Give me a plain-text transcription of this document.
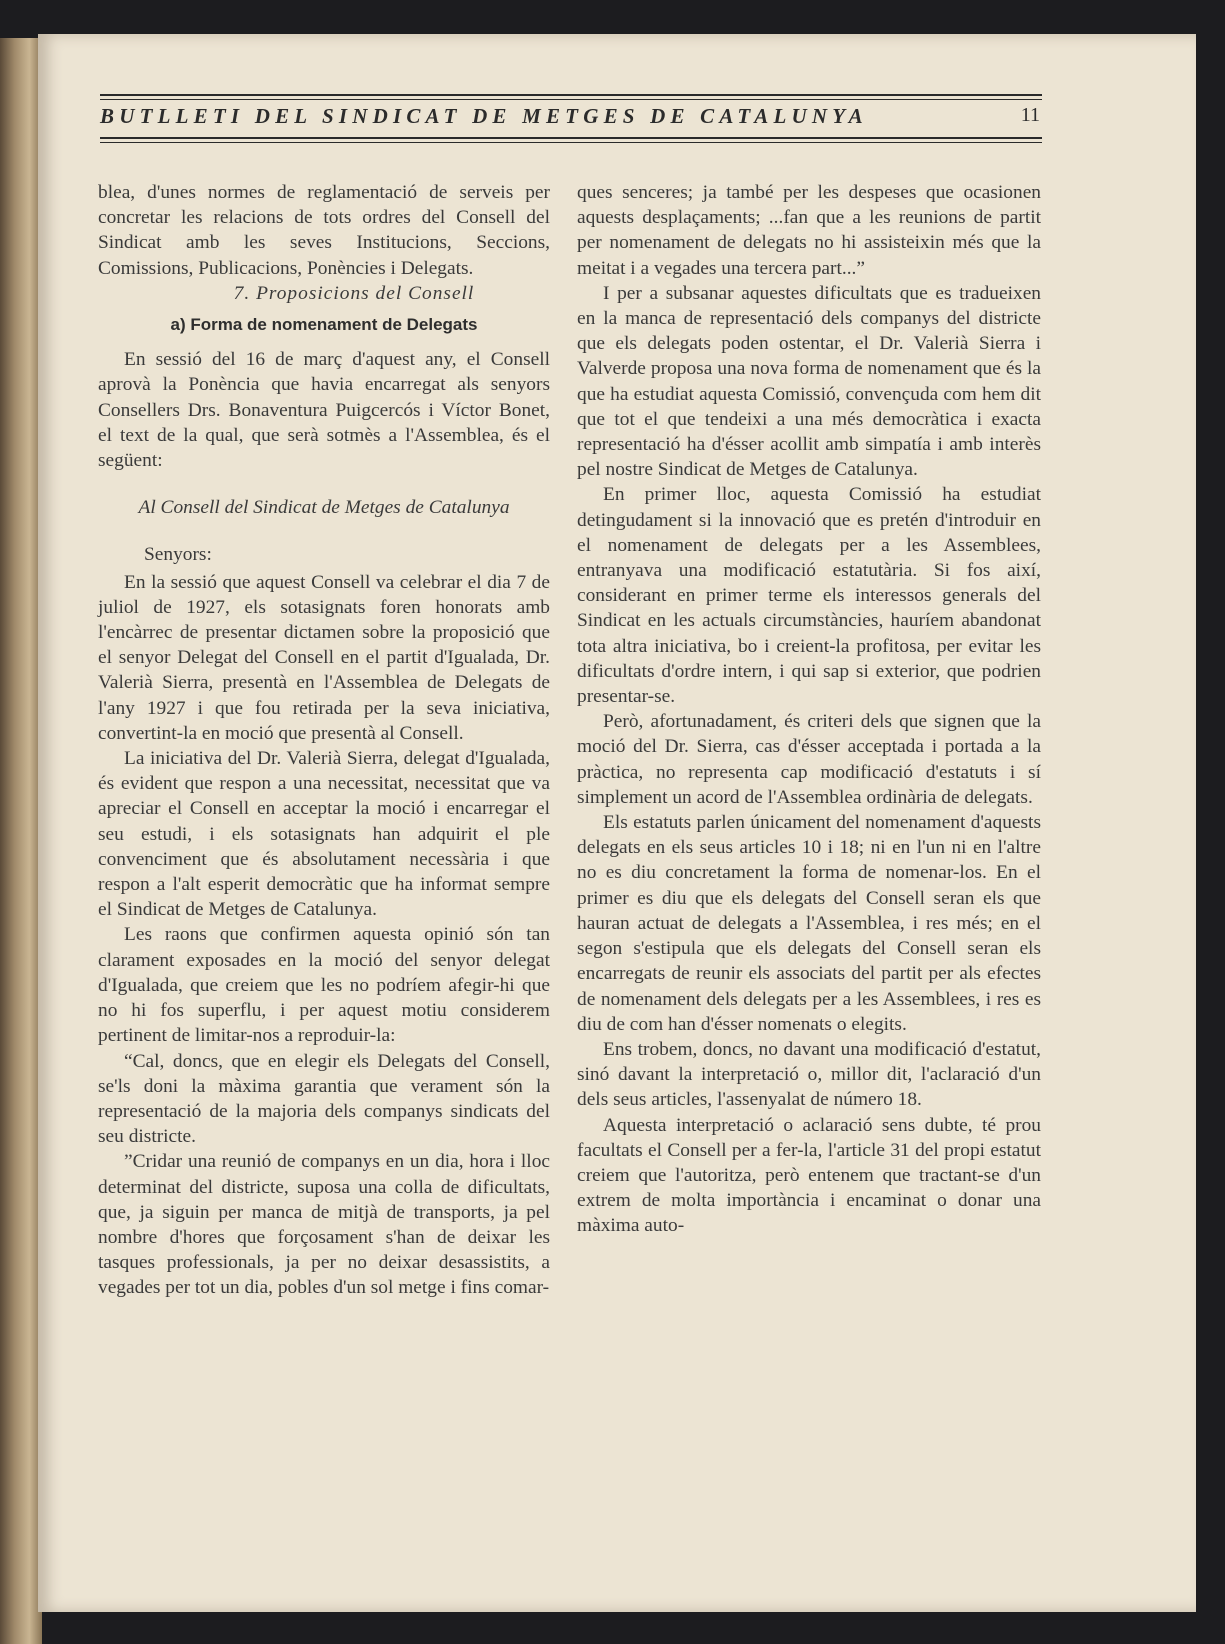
BUTLLETI DEL SINDICAT DE METGES DE CATALUNYA	11

blea, d'unes normes de reglamentació de serveis per concretar les relacions de tots ordres del Consell del Sindicat amb les seves Institucions, Seccions, Comissions, Publicacions, Ponències i Delegats.

7. Proposicions del Consell

a) Forma de nomenament de Delegats

En sessió del 16 de març d'aquest any, el Consell aprovà la Ponència que havia encarregat als senyors Consellers Drs. Bonaventura Puigcercós i Víctor Bonet, el text de la qual, que serà sotmès a l'Assemblea, és el següent:

Al Consell del Sindicat de Metges de Catalunya

Senyors:

En la sessió que aquest Consell va celebrar el dia 7 de juliol de 1927, els sotasignats foren honorats amb l'encàrrec de presentar dictamen sobre la proposició que el senyor Delegat del Consell en el partit d'Igualada, Dr. Valerià Sierra, presentà en l'Assemblea de Delegats de l'any 1927 i que fou retirada per la seva iniciativa, convertint-la en moció que presentà al Consell.

La iniciativa del Dr. Valerià Sierra, delegat d'Igualada, és evident que respon a una necessitat, necessitat que va apreciar el Consell en acceptar la moció i encarregar el seu estudi, i els sotasignats han adquirit el ple convenciment que és absolutament necessària i que respon a l'alt esperit democràtic que ha informat sempre el Sindicat de Metges de Catalunya.

Les raons que confirmen aquesta opinió són tan clarament exposades en la moció del senyor delegat d'Igualada, que creiem que les no podríem afegir-hi que no hi fos superflu, i per aquest motiu considerem pertinent de limitar-nos a reproduir-la:

“Cal, doncs, que en elegir els Delegats del Consell, se'ls doni la màxima garantia que verament són la representació de la majoria dels companys sindicats del seu districte.

”Cridar una reunió de companys en un dia, hora i lloc determinat del districte, suposa una colla de dificultats, que, ja siguin per manca de mitjà de transports, ja pel nombre d'hores que forçosament s'han de deixar les tasques professionals, ja per no deixar desassistits, a vegades per tot un dia, pobles d'un sol metge i fins comar-

ques senceres; ja també per les despeses que ocasionen aquests desplaçaments; ...fan que a les reunions de partit per nomenament de delegats no hi assisteixin més que la meitat i a vegades una tercera part...”

I per a subsanar aquestes dificultats que es tradueixen en la manca de representació dels companys del districte que els delegats poden ostentar, el Dr. Valerià Sierra i Valverde proposa una nova forma de nomenament que és la que ha estudiat aquesta Comissió, convençuda com hem dit que tot el que tendeixi a una més democràtica i exacta representació ha d'ésser acollit amb simpatía i amb interès pel nostre Sindicat de Metges de Catalunya.

En primer lloc, aquesta Comissió ha estudiat detingudament si la innovació que es pretén d'introduir en el nomenament de delegats per a les Assemblees, entranyava una modificació estatutària. Si fos així, considerant en primer terme els interessos generals del Sindicat en les actuals circumstàncies, hauríem abandonat tota altra iniciativa, bo i creient-la profitosa, per evitar les dificultats d'ordre intern, i qui sap si exterior, que podrien presentar-se.

Però, afortunadament, és criteri dels que signen que la moció del Dr. Sierra, cas d'ésser acceptada i portada a la pràctica, no representa cap modificació d'estatuts i sí simplement un acord de l'Assemblea ordinària de delegats.

Els estatuts parlen únicament del nomenament d'aquests delegats en els seus articles 10 i 18; ni en l'un ni en l'altre no es diu concretament la forma de nomenar-los. En el primer es diu que els delegats del Consell seran els que hauran actuat de delegats a l'Assemblea, i res més; en el segon s'estipula que els delegats del Consell seran els encarregats de reunir els associats del partit per als efectes de nomenament dels delegats per a les Assemblees, i res es diu de com han d'ésser nomenats o elegits.

Ens trobem, doncs, no davant una modificació d'estatut, sinó davant la interpretació o, millor dit, l'aclaració d'un dels seus articles, l'assenyalat de número 18.

Aquesta interpretació o aclaració sens dubte, té prou facultats el Consell per a fer-la, l'article 31 del propi estatut creiem que l'autoritza, però entenem que tractant-se d'un extrem de molta importància i encaminat o donar una màxima auto-
